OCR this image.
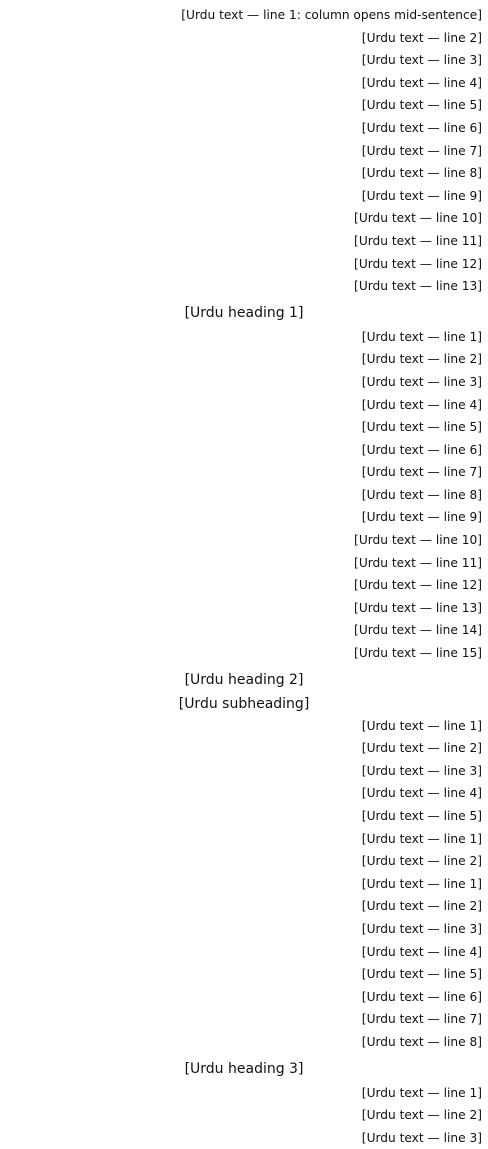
[Urdu text — line 1: column opens mid-sentence]
[Urdu text — line 2]
[Urdu text — line 3]
[Urdu text — line 4]
[Urdu text — line 5]
[Urdu text — line 6]
[Urdu text — line 7]
[Urdu text — line 8]
[Urdu text — line 9]
[Urdu text — line 10]
[Urdu text — line 11]
[Urdu text — line 12]
[Urdu text — line 13]
[Urdu heading 1]
[Urdu text — line 1]
[Urdu text — line 2]
[Urdu text — line 3]
[Urdu text — line 4]
[Urdu text — line 5]
[Urdu text — line 6]
[Urdu text — line 7]
[Urdu text — line 8]
[Urdu text — line 9]
[Urdu text — line 10]
[Urdu text — line 11]
[Urdu text — line 12]
[Urdu text — line 13]
[Urdu text — line 14]
[Urdu text — line 15]
[Urdu heading 2]
[Urdu subheading]
[Urdu text — line 1]
[Urdu text — line 2]
[Urdu text — line 3]
[Urdu text — line 4]
[Urdu text — line 5]
[Urdu text — line 1]
[Urdu text — line 2]
[Urdu text — line 1]
[Urdu text — line 2]
[Urdu text — line 3]
[Urdu text — line 4]
[Urdu text — line 5]
[Urdu text — line 6]
[Urdu text — line 7]
[Urdu text — line 8]
[Urdu heading 3]
[Urdu text — line 1]
[Urdu text — line 2]
[Urdu text — line 3]
